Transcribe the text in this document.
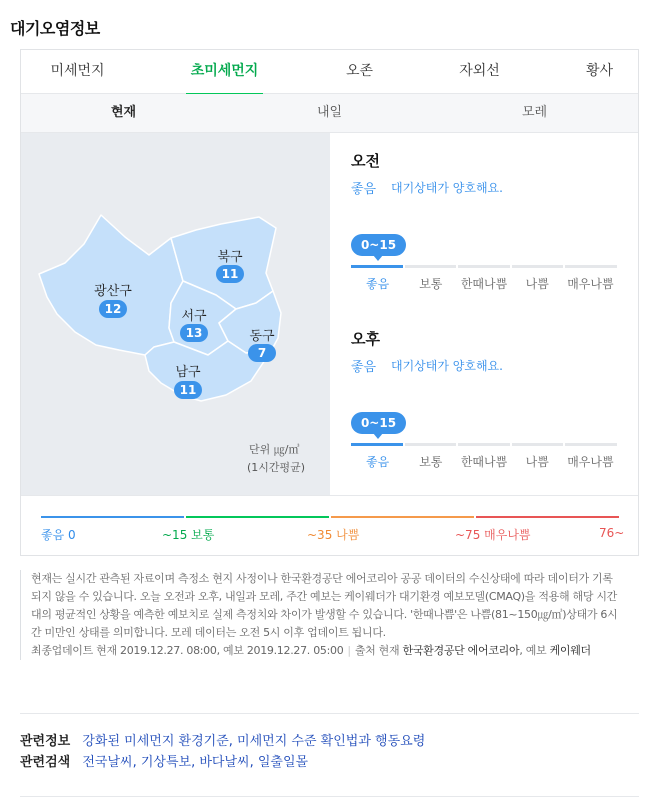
대기오염정보
미세먼지	초미세먼지	오존	자외선	황사
현재	내일	모레
광산구
12
북구
11
서구
13	동구
7
남구
11
단위 ㎍/㎥
(1시간평균)
오전
좋음 대기상태가 양호해요.
0~15
좋음	보통	한때나쁨	나쁨	매우나쁨
오후
좋음 대기상태가 양호해요.
0~15
좋음	보통	한때나쁨	나쁨	매우나쁨
좋음 0	~15 보통	~35 나쁨	~75 매우나쁨	76~
현재는 실시간 관측된 자료이며 측정소 현지 사정이나 한국환경공단 에어코리아 공공 데이터의 수신상태에 따라 데이터가 기록되지 않을 수 있습니다. 오늘 오전과 오후, 내일과 모레, 주간 예보는 케이웨더가 대기환경 예보모델(CMAQ)을 적용해 해당 시간대의 평균적인 상황을 예측한 예보치로 실제 측정치와 차이가 발생할 수 있습니다. '한때나쁨'은 나쁨(81~150㎍/㎥)상태가 6시간 미만인 상태를 의미합니다. 모레 데이터는 오전 5시 이후 업데이트 됩니다.
최종업데이트 현재 2019.12.27. 08:00, 예보 2019.12.27. 05:00 | 출처 현재 한국환경공단 에어코리아, 예보 케이웨더
관련정보 강화된 미세먼지 환경기준, 미세먼지 수준 확인법과 행동요령
관련검색 전국날씨, 기상특보, 바다날씨, 일출일몰
